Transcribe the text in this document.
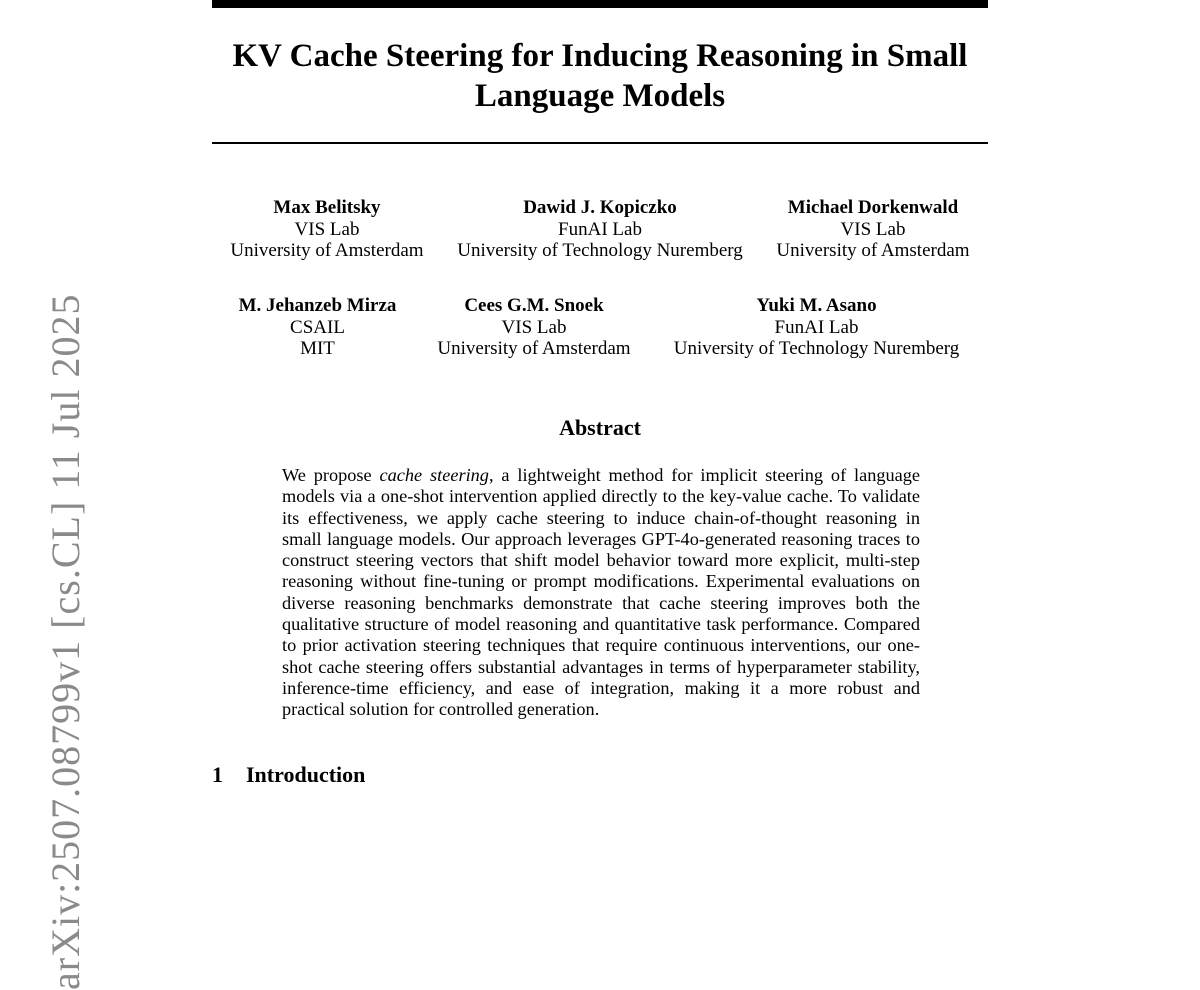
KV Cache Steering for Inducing Reasoning in Small Language Models
Max Belitsky
VIS Lab
University of Amsterdam
Dawid J. Kopiczko
FunAI Lab
University of Technology Nuremberg
Michael Dorkenwald
VIS Lab
University of Amsterdam
M. Jehanzeb Mirza
CSAIL
MIT
Cees G.M. Snoek
VIS Lab
University of Amsterdam
Yuki M. Asano
FunAI Lab
University of Technology Nuremberg
Abstract

We propose cache steering, a lightweight method for implicit steering of language models via a one-shot intervention applied directly to the key-value cache. To validate its effectiveness, we apply cache steering to induce chain-of-thought reasoning in small language models. Our approach leverages GPT-4o-generated reasoning traces to construct steering vectors that shift model behavior toward more explicit, multi-step reasoning without fine-tuning or prompt modifications. Experimental evaluations on diverse reasoning benchmarks demonstrate that cache steering improves both the qualitative structure of model reasoning and quantitative task performance. Compared to prior activation steering techniques that require continuous interventions, our one-shot cache steering offers substantial advantages in terms of hyperparameter stability, inference-time efficiency, and ease of integration, making it a more robust and practical solution for controlled generation.

arXiv:2507.08799v1 [cs.CL] 11 Jul 2025	1 Introduction
